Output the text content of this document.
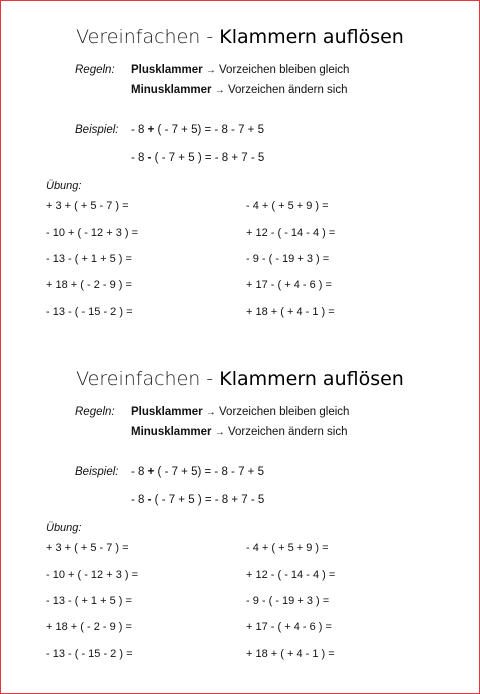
Vereinfachen - Klammern auflösen
Regeln: Plusklammer → Vorzeichen bleiben gleich
Minusklammer → Vorzeichen ändern sich
Beispiel: - 8 + ( - 7 + 5) = - 8 - 7 + 5
- 8 - ( - 7 + 5 ) = - 8 + 7 - 5
Übung:
+ 3 + ( + 5 - 7 ) =
- 10 + ( - 12 + 3 ) =
- 13 - ( + 1 + 5 ) =
+ 18 + ( - 2 - 9 ) =
- 13 - ( - 15 - 2 ) =
- 4 + ( + 5 + 9 ) =
+ 12 - ( - 14 - 4 ) =
- 9 - ( - 19 + 3 ) =
+ 17 - ( + 4 - 6 ) =
+ 18 + ( + 4 - 1 ) =
Vereinfachen - Klammern auflösen
Regeln: Plusklammer → Vorzeichen bleiben gleich
Minusklammer → Vorzeichen ändern sich
Beispiel: - 8 + ( - 7 + 5) = - 8 - 7 + 5
- 8 - ( - 7 + 5 ) = - 8 + 7 - 5
Übung:
+ 3 + ( + 5 - 7 ) =
- 10 + ( - 12 + 3 ) =
- 13 - ( + 1 + 5 ) =
+ 18 + ( - 2 - 9 ) =
- 13 - ( - 15 - 2 ) =
- 4 + ( + 5 + 9 ) =
+ 12 - ( - 14 - 4 ) =
- 9 - ( - 19 + 3 ) =
+ 17 - ( + 4 - 6 ) =
+ 18 + ( + 4 - 1 ) =
